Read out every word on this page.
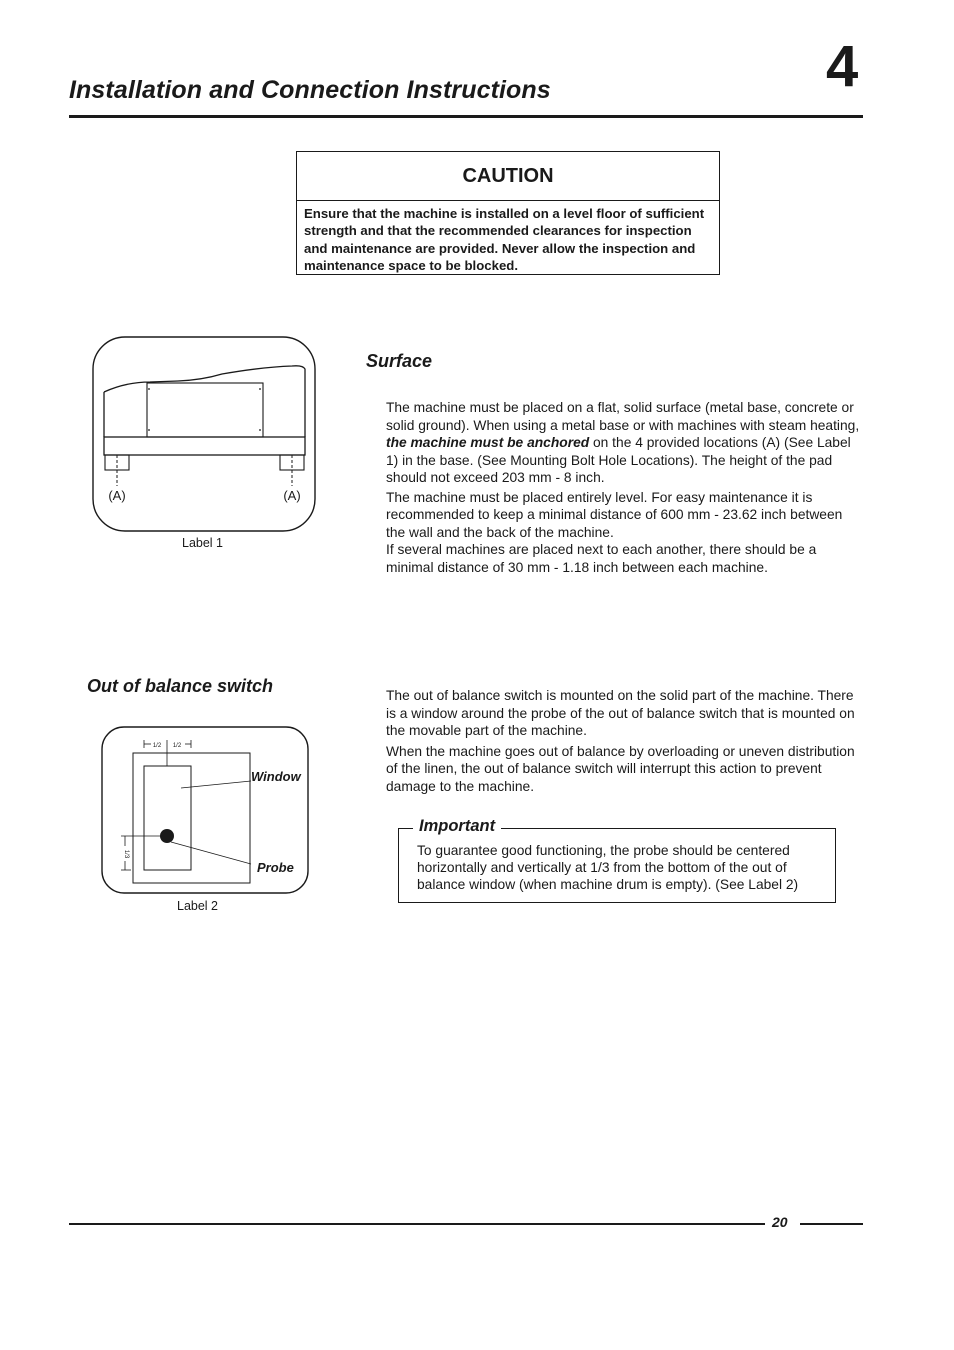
Installation and Connection Instructions	4
CAUTION
Ensure that the machine is installed on a level floor of sufficient strength and that the recommended clearances for inspection and maintenance are provided. Never allow the inspection and maintenance space to be blocked.
(A)	(A)
Label 1
Surface

The machine must be placed on a flat, solid surface (metal base, concrete or solid ground). When using a metal base or with machines with steam heating, the machine must be anchored on the 4 provided locations (A) (See Label 1) in the base. (See Mounting Bolt Hole Locations). The height of the pad should not exceed 203 mm - 8 inch.

The machine must be placed entirely level. For easy maintenance it is recommended to keep a minimal distance of 600 mm - 23.62 inch between the wall and the back of the machine.

If several machines are placed next to each another, there should be a minimal distance of 30 mm - 1.18 inch between each machine.

Out of balance switch	The out of balance switch is mounted on the solid part of the machine. There is a window around the probe of the out of balance switch that is mounted on the movable part of the machine.

When the machine goes out of balance by overloading or uneven distribution of the linen, the out of balance switch will interrupt this action to prevent damage to the machine.

1/2 1/2
1/3
Window
Probe
Label 2
Important
To guarantee good functioning, the probe should be centered horizontally and vertically at 1/3 from the bottom of the out of balance window (when machine drum is empty). (See Label 2)
20
